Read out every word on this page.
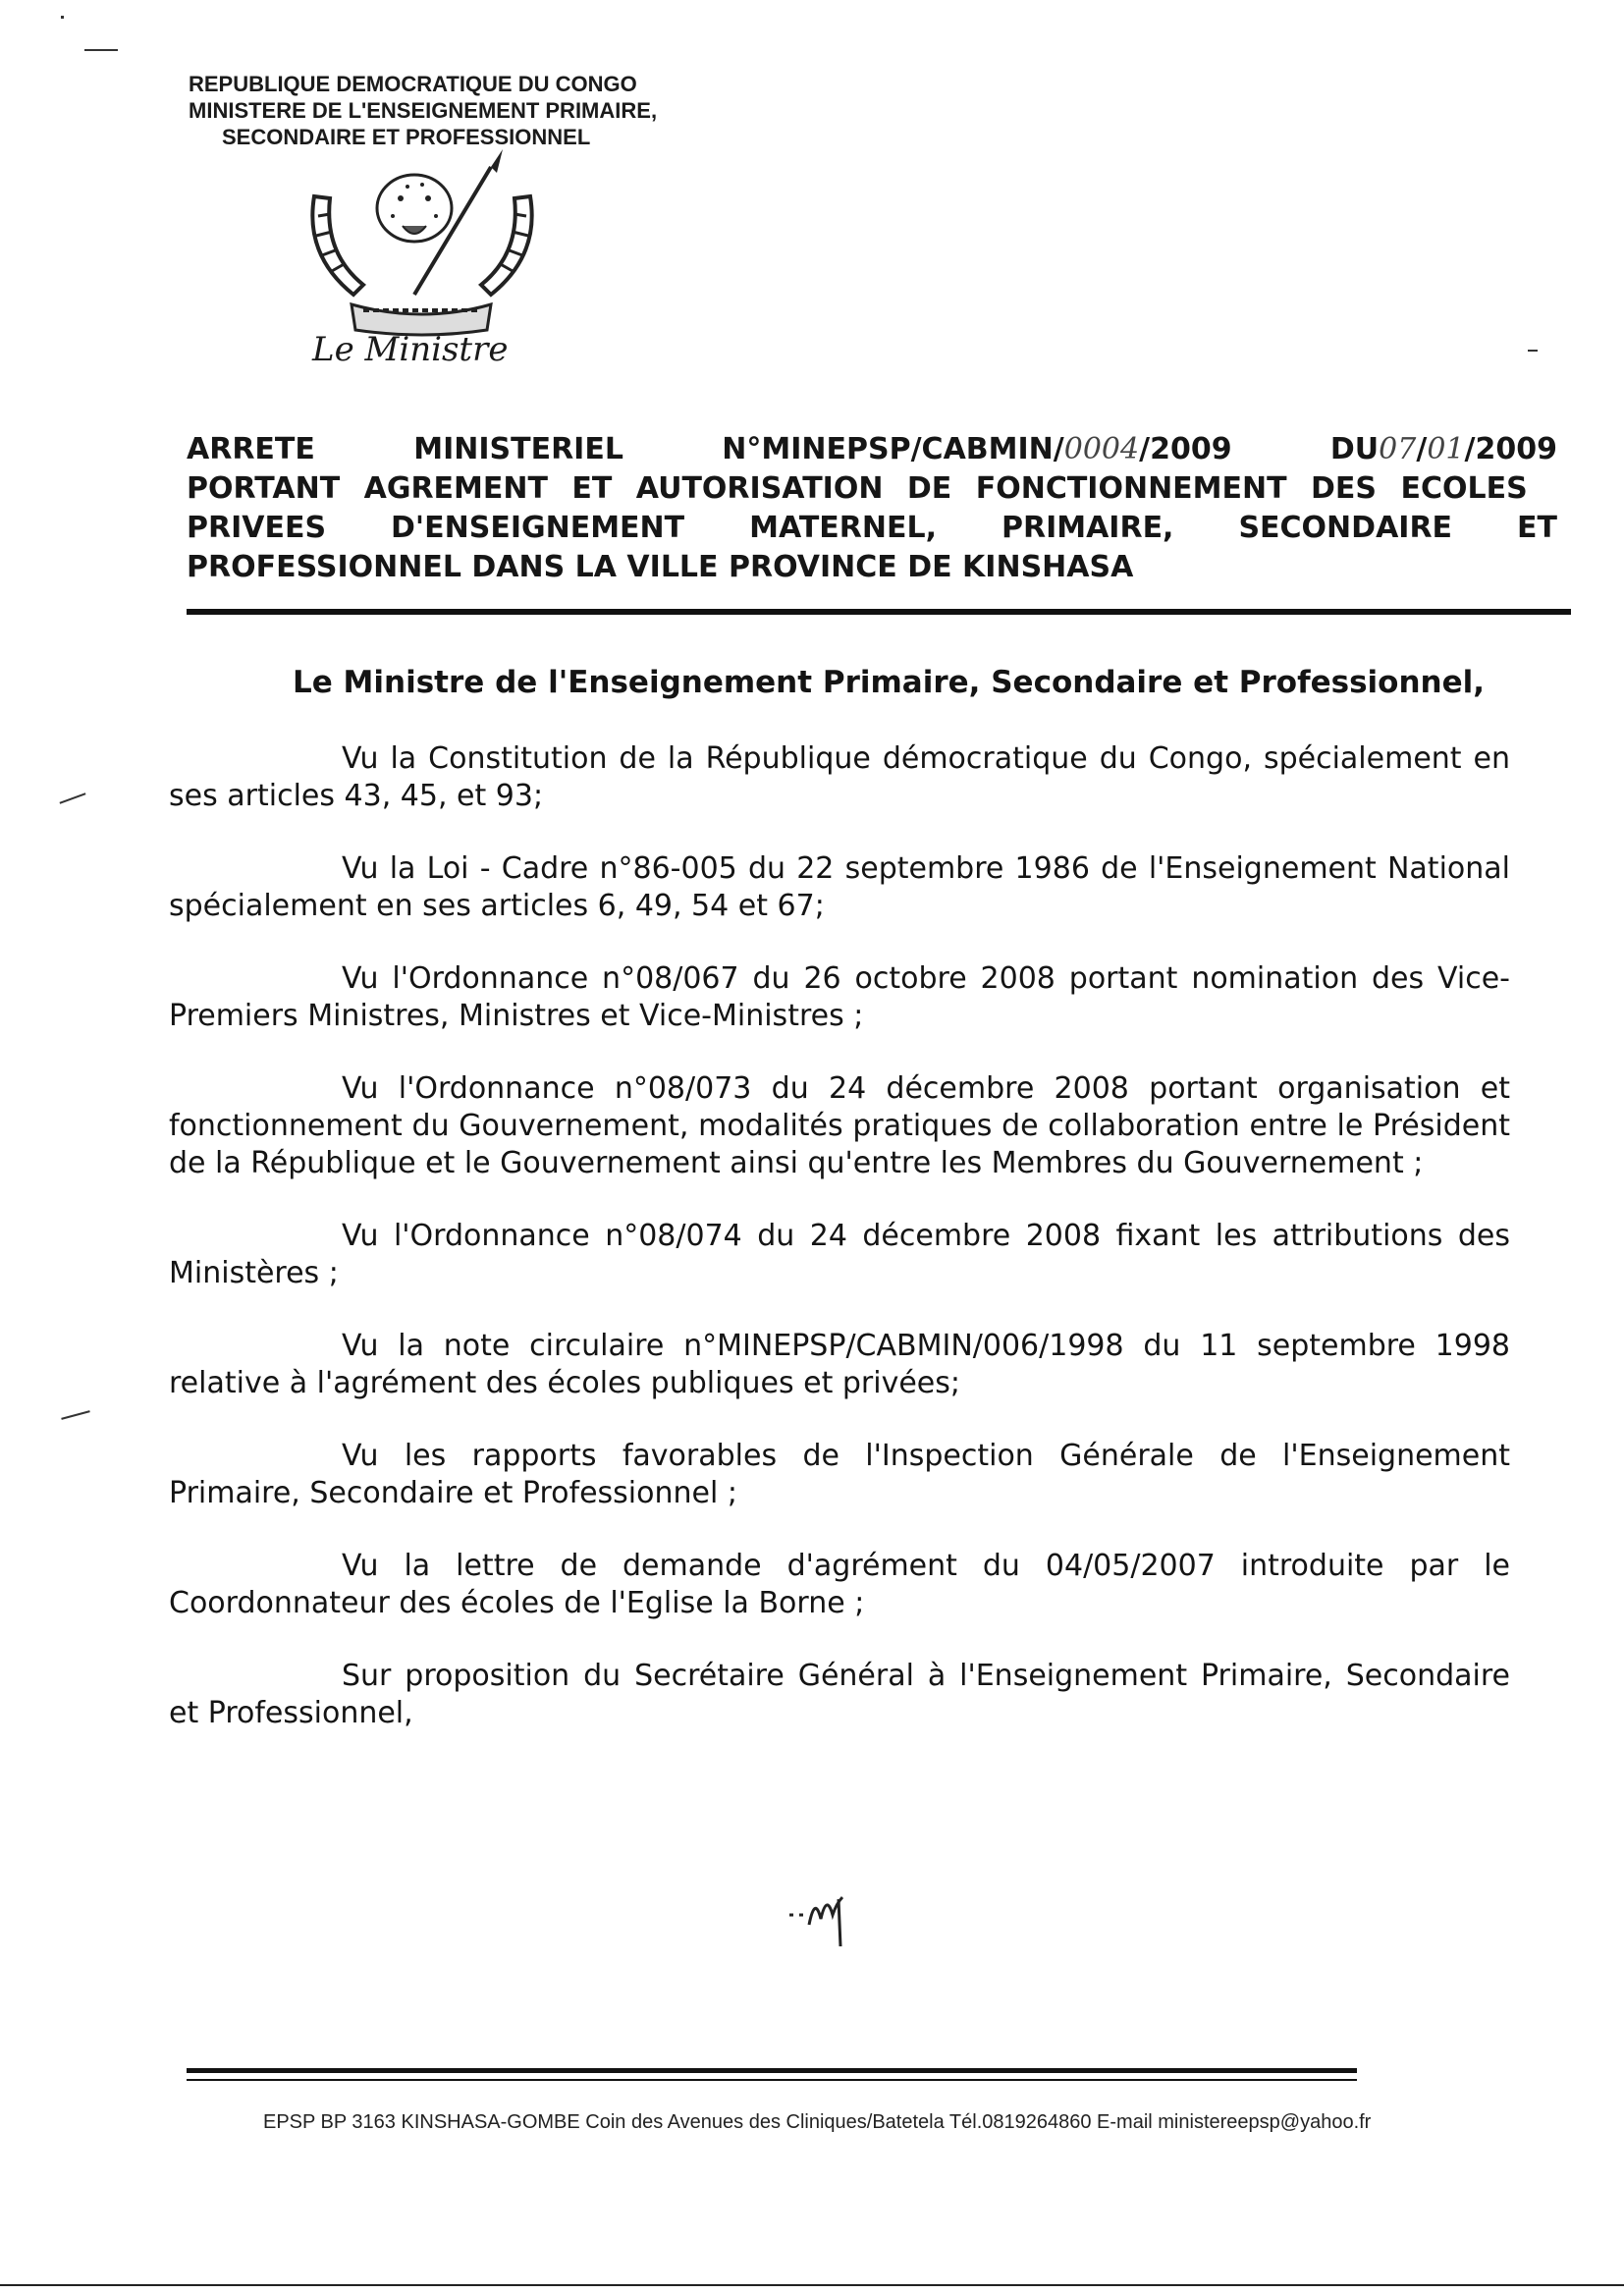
REPUBLIQUE DEMOCRATIQUE DU CONGO
MINISTERE DE L'ENSEIGNEMENT PRIMAIRE,
SECONDAIRE ET PROFESSIONNEL
Le Ministre
ARRETE	MINISTERIEL	N°MINEPSP/CABMIN/0004/2009	DU07/01/2009
PORTANT AGREMENT ET AUTORISATION DE FONCTIONNEMENT DES ECOLES
PRIVEES D'ENSEIGNEMENT MATERNEL, PRIMAIRE, SECONDAIRE ET
PROFESSIONNEL DANS LA VILLE PROVINCE DE KINSHASA
Le Ministre de l'Enseignement Primaire, Secondaire et Professionnel,

Vu la Constitution de la République démocratique du Congo, spécialement en ses articles 43, 45, et 93;

Vu la Loi - Cadre n°86-005 du 22 septembre 1986 de l'Enseignement National spécialement en ses articles 6, 49, 54 et 67;

Vu l'Ordonnance n°08/067 du 26 octobre 2008 portant nomination des Vice-Premiers Ministres, Ministres et Vice-Ministres ;

Vu l'Ordonnance n°08/073 du 24 décembre 2008 portant organisation et fonctionnement du Gouvernement, modalités pratiques de collaboration entre le Président de la République et le Gouvernement ainsi qu'entre les Membres du Gouvernement ;

Vu l'Ordonnance n°08/074 du 24 décembre 2008 fixant les attributions des Ministères ;

Vu la note circulaire n°MINEPSP/CABMIN/006/1998 du 11 septembre 1998 relative à l'agrément des écoles publiques et privées;

Vu les rapports favorables de l'Inspection Générale de l'Enseignement Primaire, Secondaire et Professionnel ;

Vu la lettre de demande d'agrément du 04/05/2007 introduite par le Coordonnateur des écoles de l'Eglise la Borne ;

Sur proposition du Secrétaire Général à l'Enseignement Primaire, Secondaire et Professionnel,

EPSP BP 3163 KINSHASA-GOMBE Coin des Avenues des Cliniques/Batetela Tél.0819264860 E-mail ministereepsp@yahoo.fr
